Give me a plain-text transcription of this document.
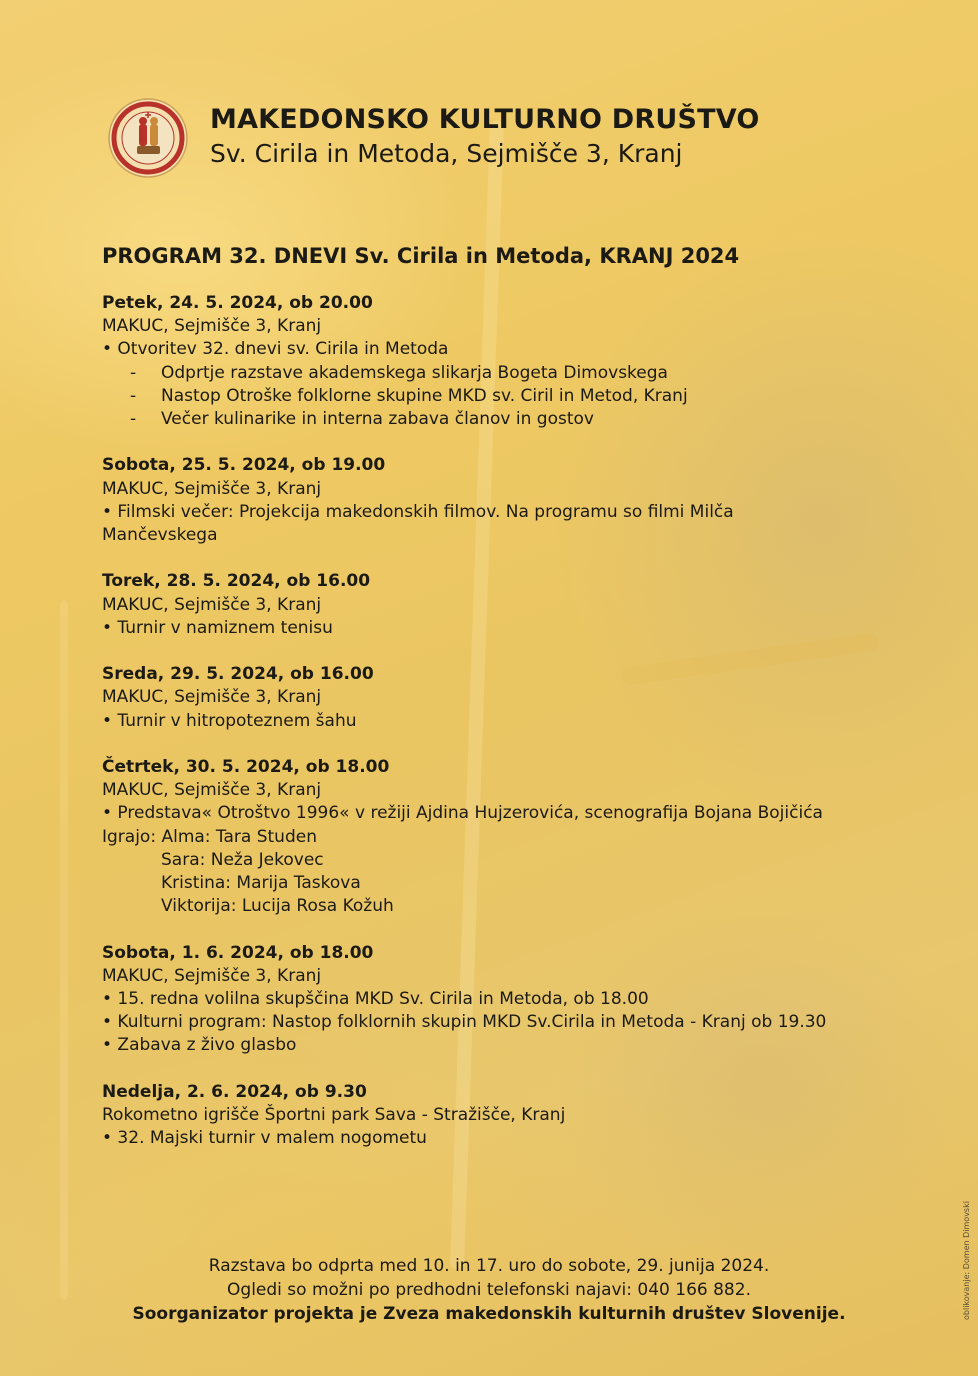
MAKEDONSKO KULTURNO DRUŠTVO
Sv. Cirila in Metoda, Sejmišče 3, Kranj
PROGRAM 32. DNEVI Sv. Cirila in Metoda, KRANJ 2024
Petek, 24. 5. 2024, ob 20.00
MAKUC, Sejmišče 3, Kranj
• Otvoritev 32. dnevi sv. Cirila in Metoda
- Odprtje razstave akademskega slikarja Bogeta Dimovskega
- Nastop Otroške folklorne skupine MKD sv. Ciril in Metod, Kranj
- Večer kulinarike in interna zabava članov in gostov
Sobota, 25. 5. 2024, ob 19.00
MAKUC, Sejmišče 3, Kranj
• Filmski večer: Projekcija makedonskih filmov. Na programu so filmi Milča
Mančevskega
Torek, 28. 5. 2024, ob 16.00
MAKUC, Sejmišče 3, Kranj
• Turnir v namiznem tenisu
Sreda, 29. 5. 2024, ob 16.00
MAKUC, Sejmišče 3, Kranj
• Turnir v hitropoteznem šahu
Četrtek, 30. 5. 2024, ob 18.00
MAKUC, Sejmišče 3, Kranj
• Predstava« Otroštvo 1996« v režiji Ajdina Hujzerovića, scenografija Bojana Bojičića
Igrajo: Alma: Tara Studen
Sara: Neža Jekovec
Kristina: Marija Taskova
Viktorija: Lucija Rosa Kožuh
Sobota, 1. 6. 2024, ob 18.00
MAKUC, Sejmišče 3, Kranj
• 15. redna volilna skupščina MKD Sv. Cirila in Metoda, ob 18.00
• Kulturni program: Nastop folklornih skupin MKD Sv.Cirila in Metoda - Kranj ob 19.30
• Zabava z živo glasbo
Nedelja, 2. 6. 2024, ob 9.30
Rokometno igrišče Športni park Sava - Stražišče, Kranj
• 32. Majski turnir v malem nogometu
Razstava bo odprta med 10. in 17. uro do sobote, 29. junija 2024.
Ogledi so možni po predhodni telefonski najavi: 040 166 882.
Soorganizator projekta je Zveza makedonskih kulturnih društev Slovenije.	oblikovanje: Domen Dimovski
